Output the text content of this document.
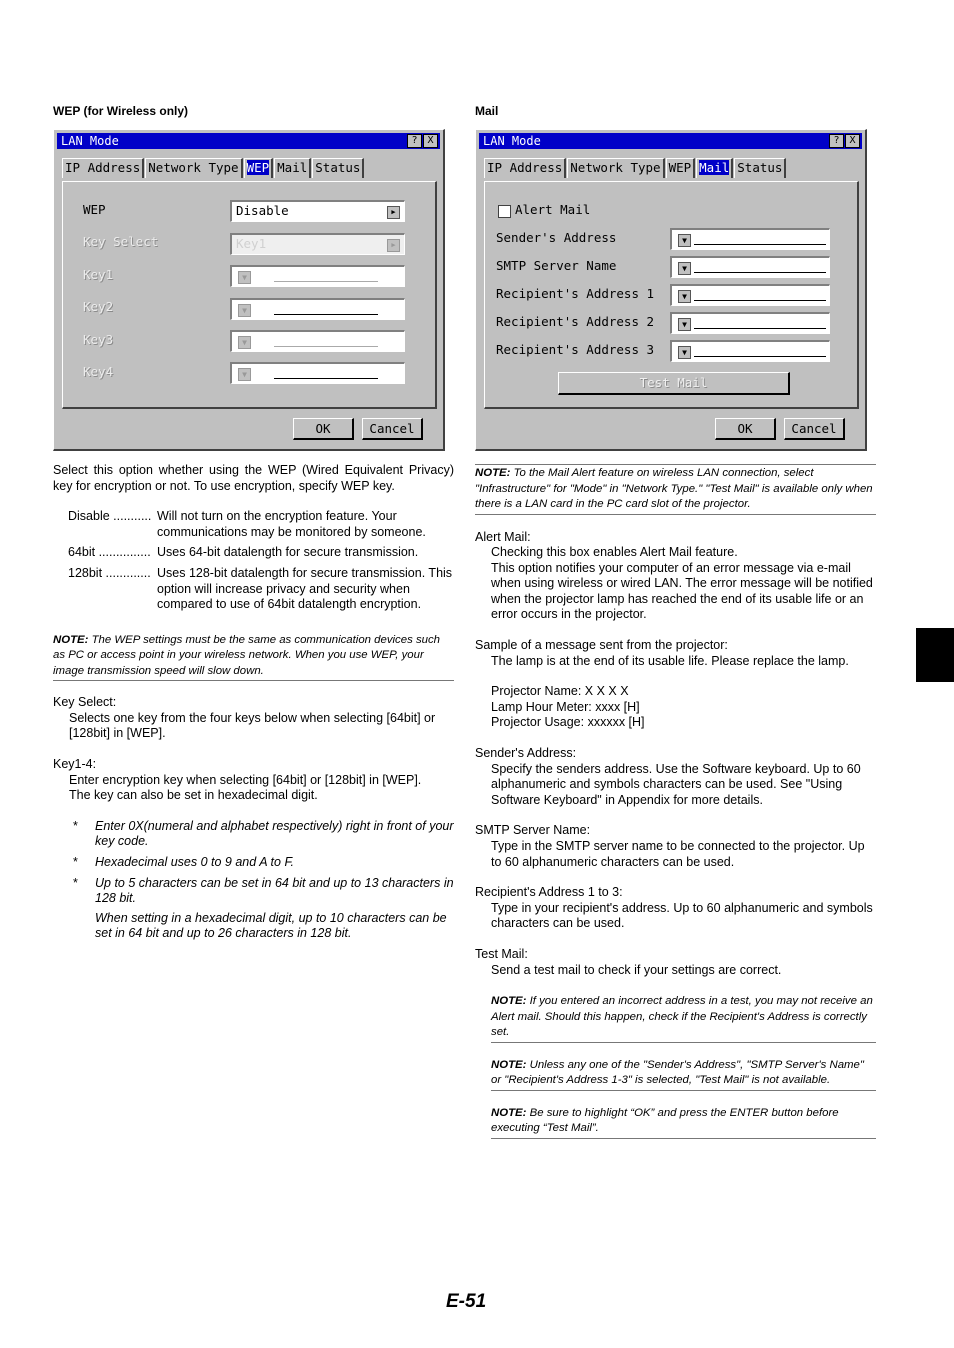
WEP (for Wireless only)
LAN Mode	? X
IP Address Network Type WEP Mail Status
WEP	Disable	▶
Key Select	Key1	▶
Key1	▼
Key2	▼
Key3	▼
Key4	▼
OK	Cancel
Select this option whether using the WEP (Wired Equivalent Privacy) key for encryption or not. To use encryption, specify WEP key.
Disable ........... Will not turn on the encryption feature. Your communications may be monitored by someone.
64bit ............... Uses 64-bit datalength for secure transmission.
128bit ............. Uses 128-bit datalength for secure transmission. This option will increase privacy and security when compared to use of 64bit datalength encryption.
NOTE: The WEP settings must be the same as communication devices such as PC or access point in your wireless network. When you use WEP, your image transmission speed will slow down.
Key Select:
Selects one key from the four keys below when selecting [64bit] or [128bit] in [WEP].
Key1-4:
Enter encryption key when selecting [64bit] or [128bit] in [WEP].
The key can also be set in hexadecimal digit.
*	Enter 0X(numeral and alphabet respectively) right in front of your key code.
*	Hexadecimal uses 0 to 9 and A to F.
*	Up to 5 characters can be set in 64 bit and up to 13 characters in 128 bit.
When setting in a hexadecimal digit, up to 10 characters can be set in 64 bit and up to 26 characters in 128 bit.
Mail
LAN Mode	? X
IP Address Network Type WEP Mail Status
Alert Mail
Sender's Address	▼
SMTP Server Name	▼
Recipient's Address 1	▼
Recipient's Address 2	▼
Recipient's Address 3	▼
Test Mail
OK	Cancel
NOTE: To the Mail Alert feature on wireless LAN connection, select "Infrastructure" for "Mode" in "Network Type." "Test Mail" is available only when there is a LAN card in the PC card slot of the projector.
Alert Mail:
Checking this box enables Alert Mail feature.
This option notifies your computer of an error message via e-mail when using wireless or wired LAN. The error message will be notified when the projector lamp has reached the end of its usable life or an error occurs in the projector.
Sample of a message sent from the projector:
The lamp is at the end of its usable life. Please replace the lamp.
Projector Name: X X X X
Lamp Hour Meter: xxxx [H]
Projector Usage: xxxxxx [H]
Sender's Address:
Specify the senders address. Use the Software keyboard. Up to 60 alphanumeric and symbols characters can be used. See "Using Software Keyboard" in Appendix for more details.
SMTP Server Name:
Type in the SMTP server name to be connected to the projector. Up to 60 alphanumeric characters can be used.
Recipient's Address 1 to 3:
Type in your recipient's address. Up to 60 alphanumeric and symbols characters can be used.
Test Mail:
Send a test mail to check if your settings are correct.
NOTE: If you entered an incorrect address in a test, you may not receive an Alert mail. Should this happen, check if the Recipient's Address is correctly set.
NOTE: Unless any one of the "Sender's Address", "SMTP Server's Name" or "Recipient's Address 1-3" is selected, "Test Mail" is not available.
NOTE: Be sure to highlight “OK” and press the ENTER button before executing “Test Mail”.
E-51
